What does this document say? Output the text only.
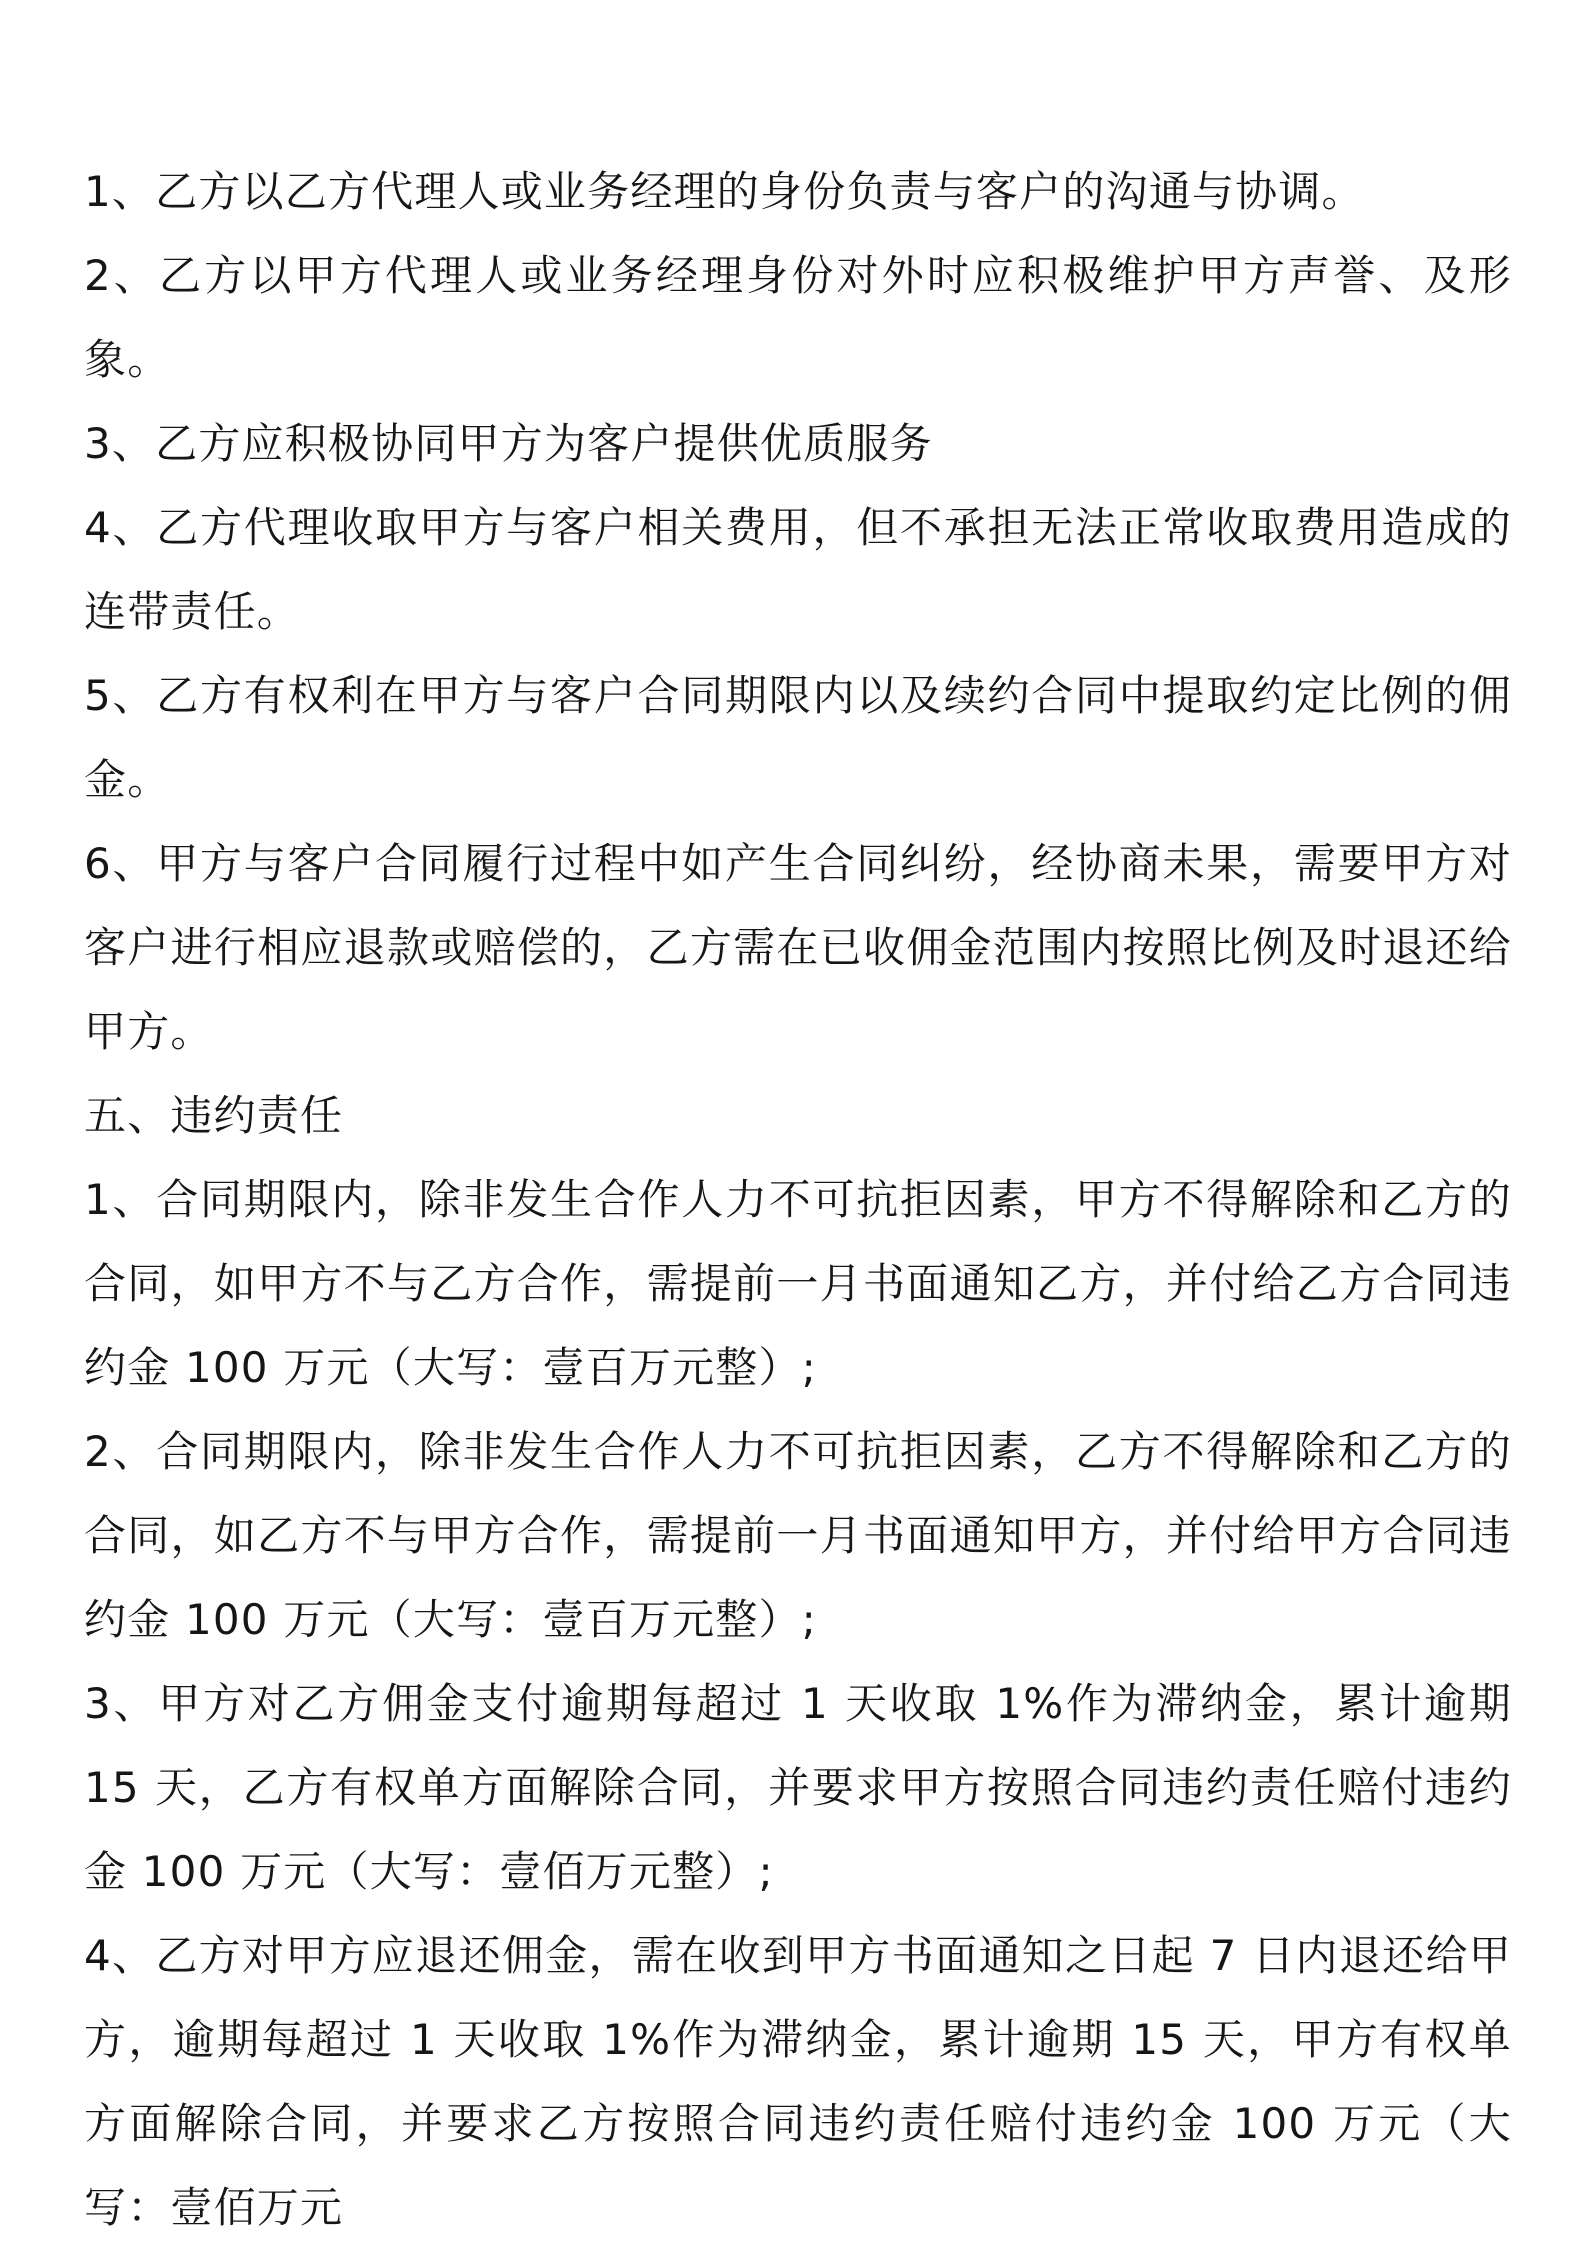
1、乙方以乙方代理人或业务经理的身份负责与客户的沟通与协调。

2、乙方以甲方代理人或业务经理身份对外时应积极维护甲方声誉、及形象。

3、乙方应积极协同甲方为客户提供优质服务

4、乙方代理收取甲方与客户相关费用，但不承担无法正常收取费用造成的连带责任。

5、乙方有权利在甲方与客户合同期限内以及续约合同中提取约定比例的佣金。

6、甲方与客户合同履行过程中如产生合同纠纷，经协商未果，需要甲方对客户进行相应退款或赔偿的，乙方需在已收佣金范围内按照比例及时退还给甲方。

五、违约责任

1、合同期限内，除非发生合作人力不可抗拒因素，甲方不得解除和乙方的合同，如甲方不与乙方合作，需提前一月书面通知乙方，并付给乙方合同违约金 100 万元（大写：壹百万元整）;

2、合同期限内，除非发生合作人力不可抗拒因素，乙方不得解除和乙方的合同，如乙方不与甲方合作，需提前一月书面通知甲方，并付给甲方合同违约金 100 万元（大写：壹百万元整）;

3、甲方对乙方佣金支付逾期每超过 1 天收取 1%作为滞纳金，累计逾期 15 天，乙方有权单方面解除合同，并要求甲方按照合同违约责任赔付违约金 100 万元（大写：壹佰万元整）;

4、乙方对甲方应退还佣金，需在收到甲方书面通知之日起 7 日内退还给甲方，逾期每超过 1 天收取 1%作为滞纳金，累计逾期 15 天，甲方有权单方面解除合同，并要求乙方按照合同违约责任赔付违约金 100 万元（大写：壹佰万元
